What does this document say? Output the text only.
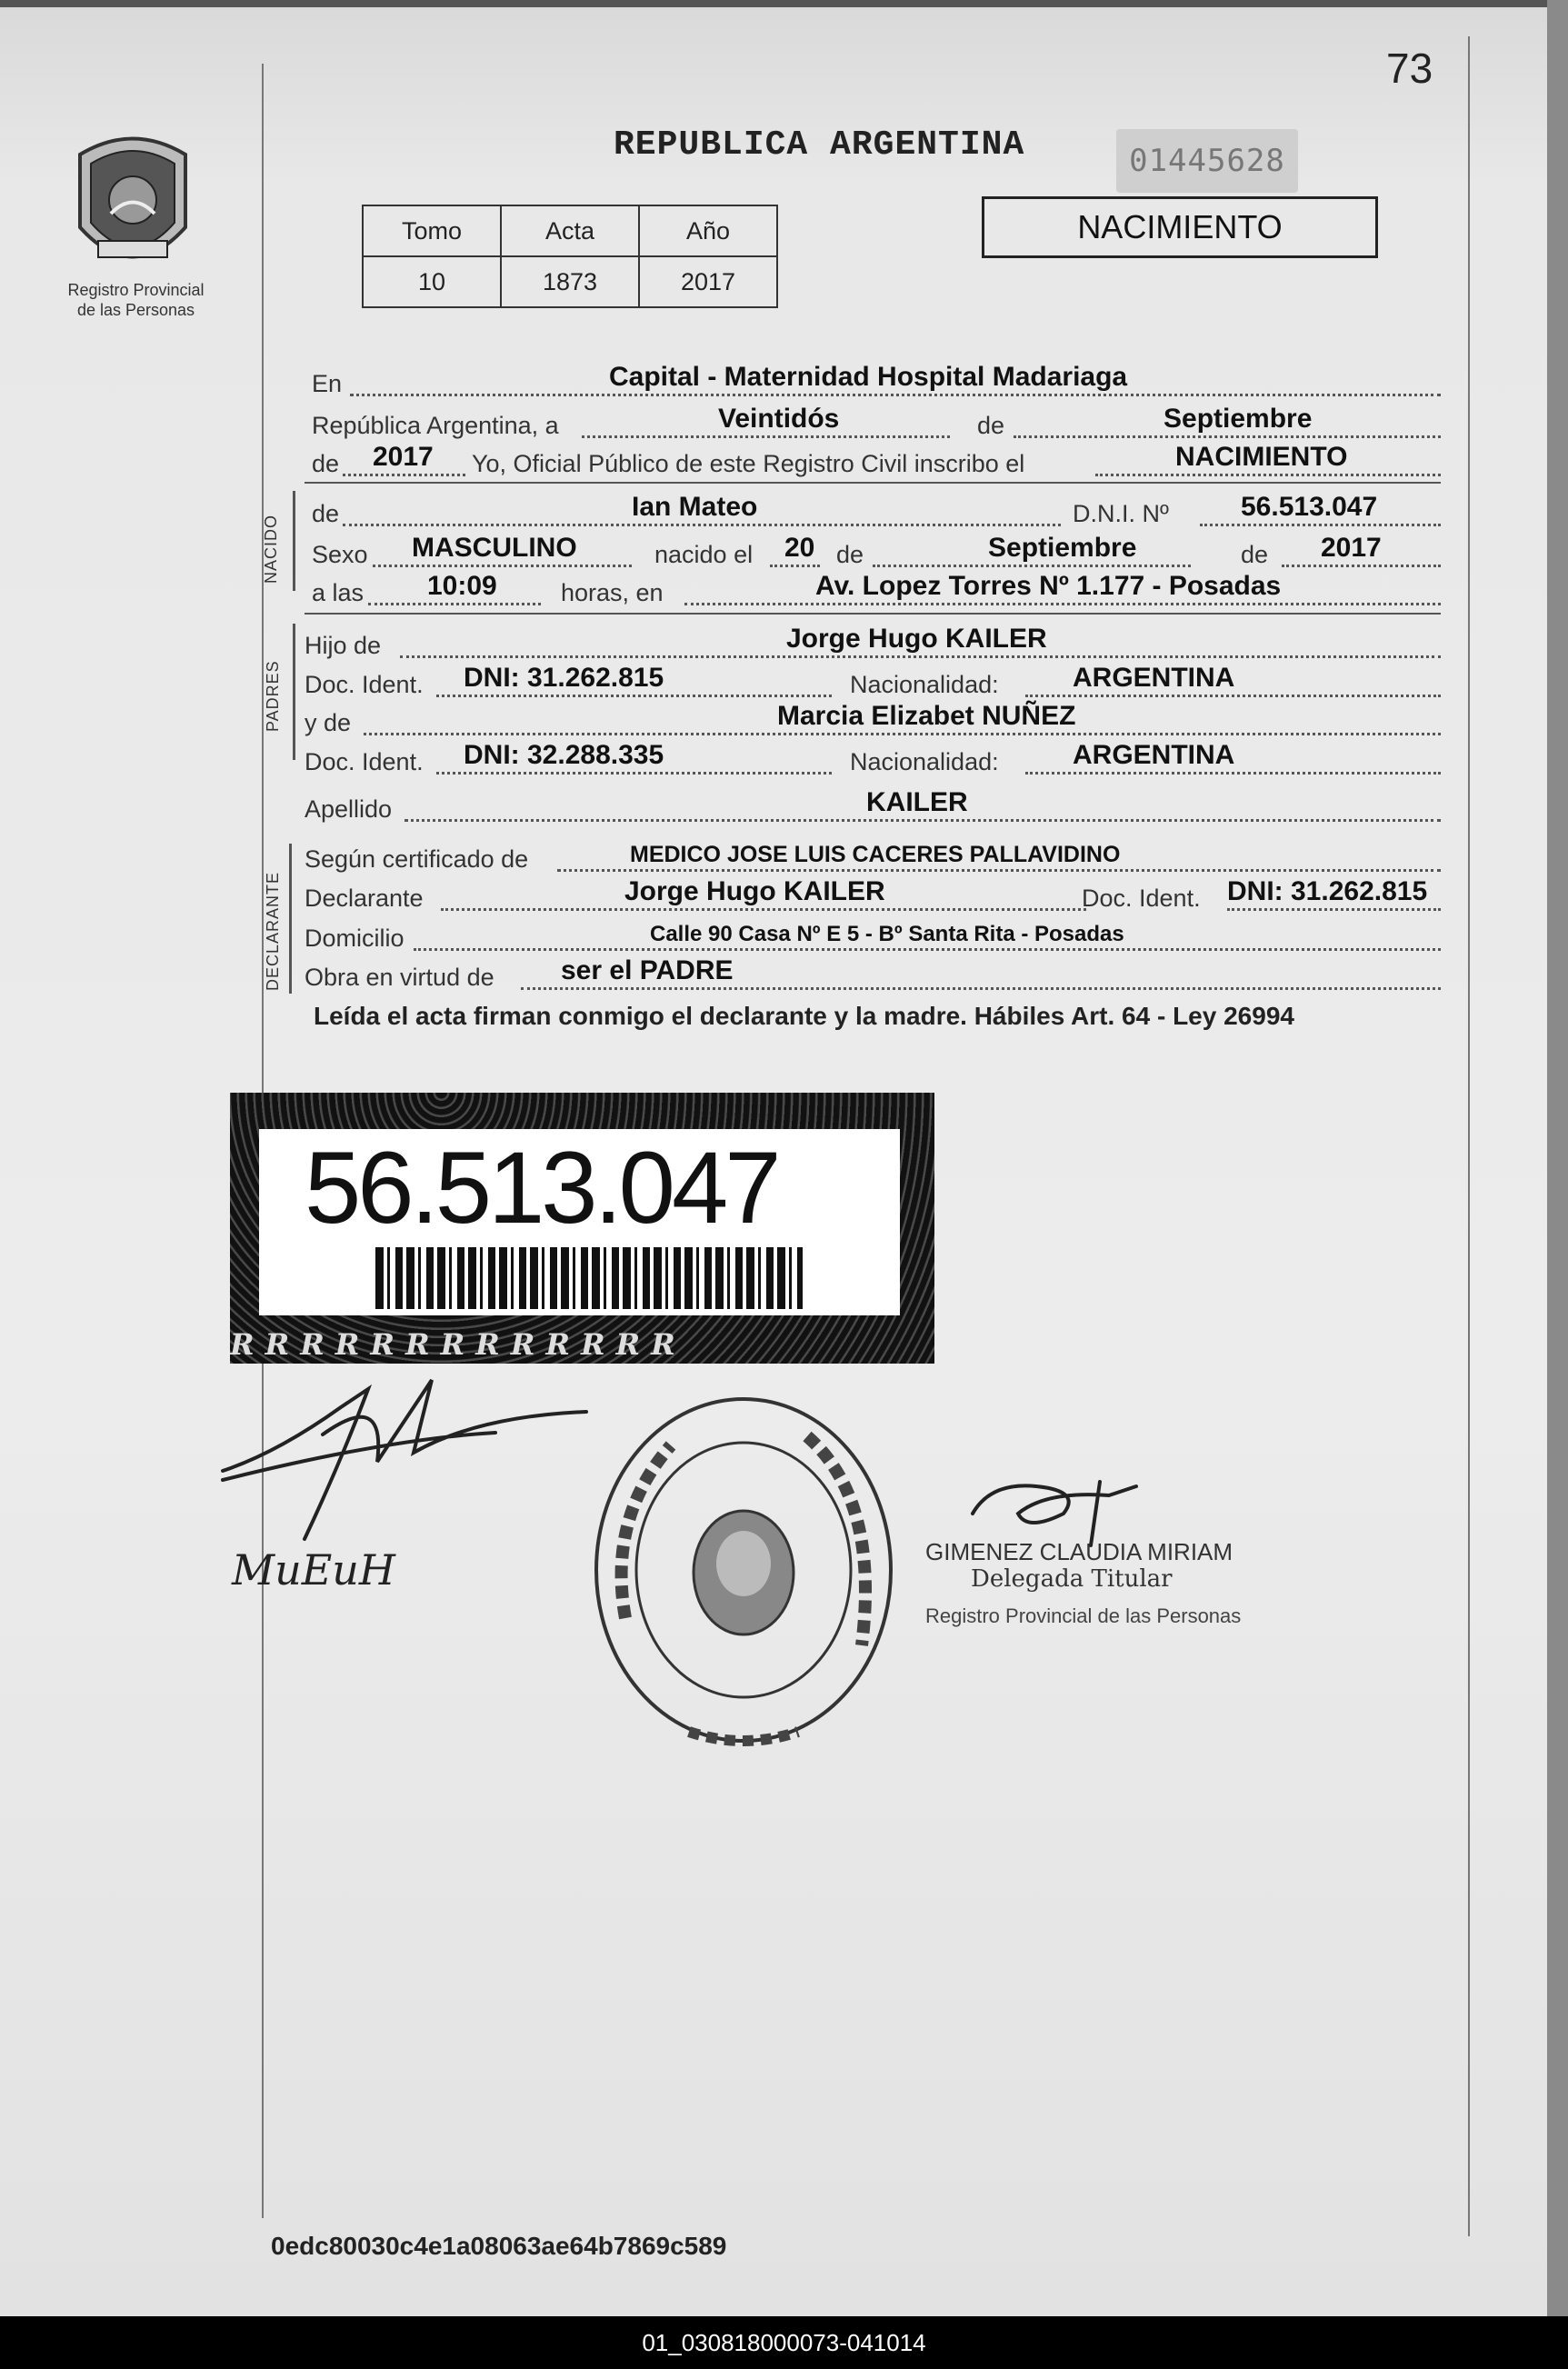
73
Registro Provincial
de las Personas
REPUBLICA ARGENTINA	01445628
Tomo	Acta	Año
10	1873	2017
NACIMIENTO
En	Capital - Maternidad Hospital Madariaga
República Argentina, a	Veintidós	de	Septiembre
de 2017 Yo, Oficial Público de este Registro Civil inscribo el	NACIMIENTO
NACIDO
de	Ian Mateo	D.N.I. Nº	56.513.047
Sexo MASCULINO	nacido el 20 de	Septiembre	de 2017
a las 10:09	horas, en	Av. Lopez Torres Nº 1.177 - Posadas
PADRES
Hijo de	Jorge Hugo KAILER
Doc. Ident. DNI: 31.262.815	Nacionalidad:	ARGENTINA
y de	Marcia Elizabet NUÑEZ
Doc. Ident. DNI: 32.288.335	Nacionalidad:	ARGENTINA
Apellido	KAILER
DECLARANTE
Según certificado de	MEDICO JOSE LUIS CACERES PALLAVIDINO
Declarante	Jorge Hugo KAILER	Doc. Ident. DNI: 31.262.815
Domicilio	Calle 90 Casa Nº E 5 - Bº Santa Rita - Posadas
Obra en virtud de ser el PADRE
Leída el acta firman conmigo el declarante y la madre. Hábiles Art. 64 - Ley 26994
56.513.047
RRRRRRRRRRRRR
MuEuH	GIMENEZ CLAUDIA MIRIAM
Delegada Titular
Registro Provincial de las Personas
0edc80030c4e1a08063ae64b7869c589
01_030818000073-041014
